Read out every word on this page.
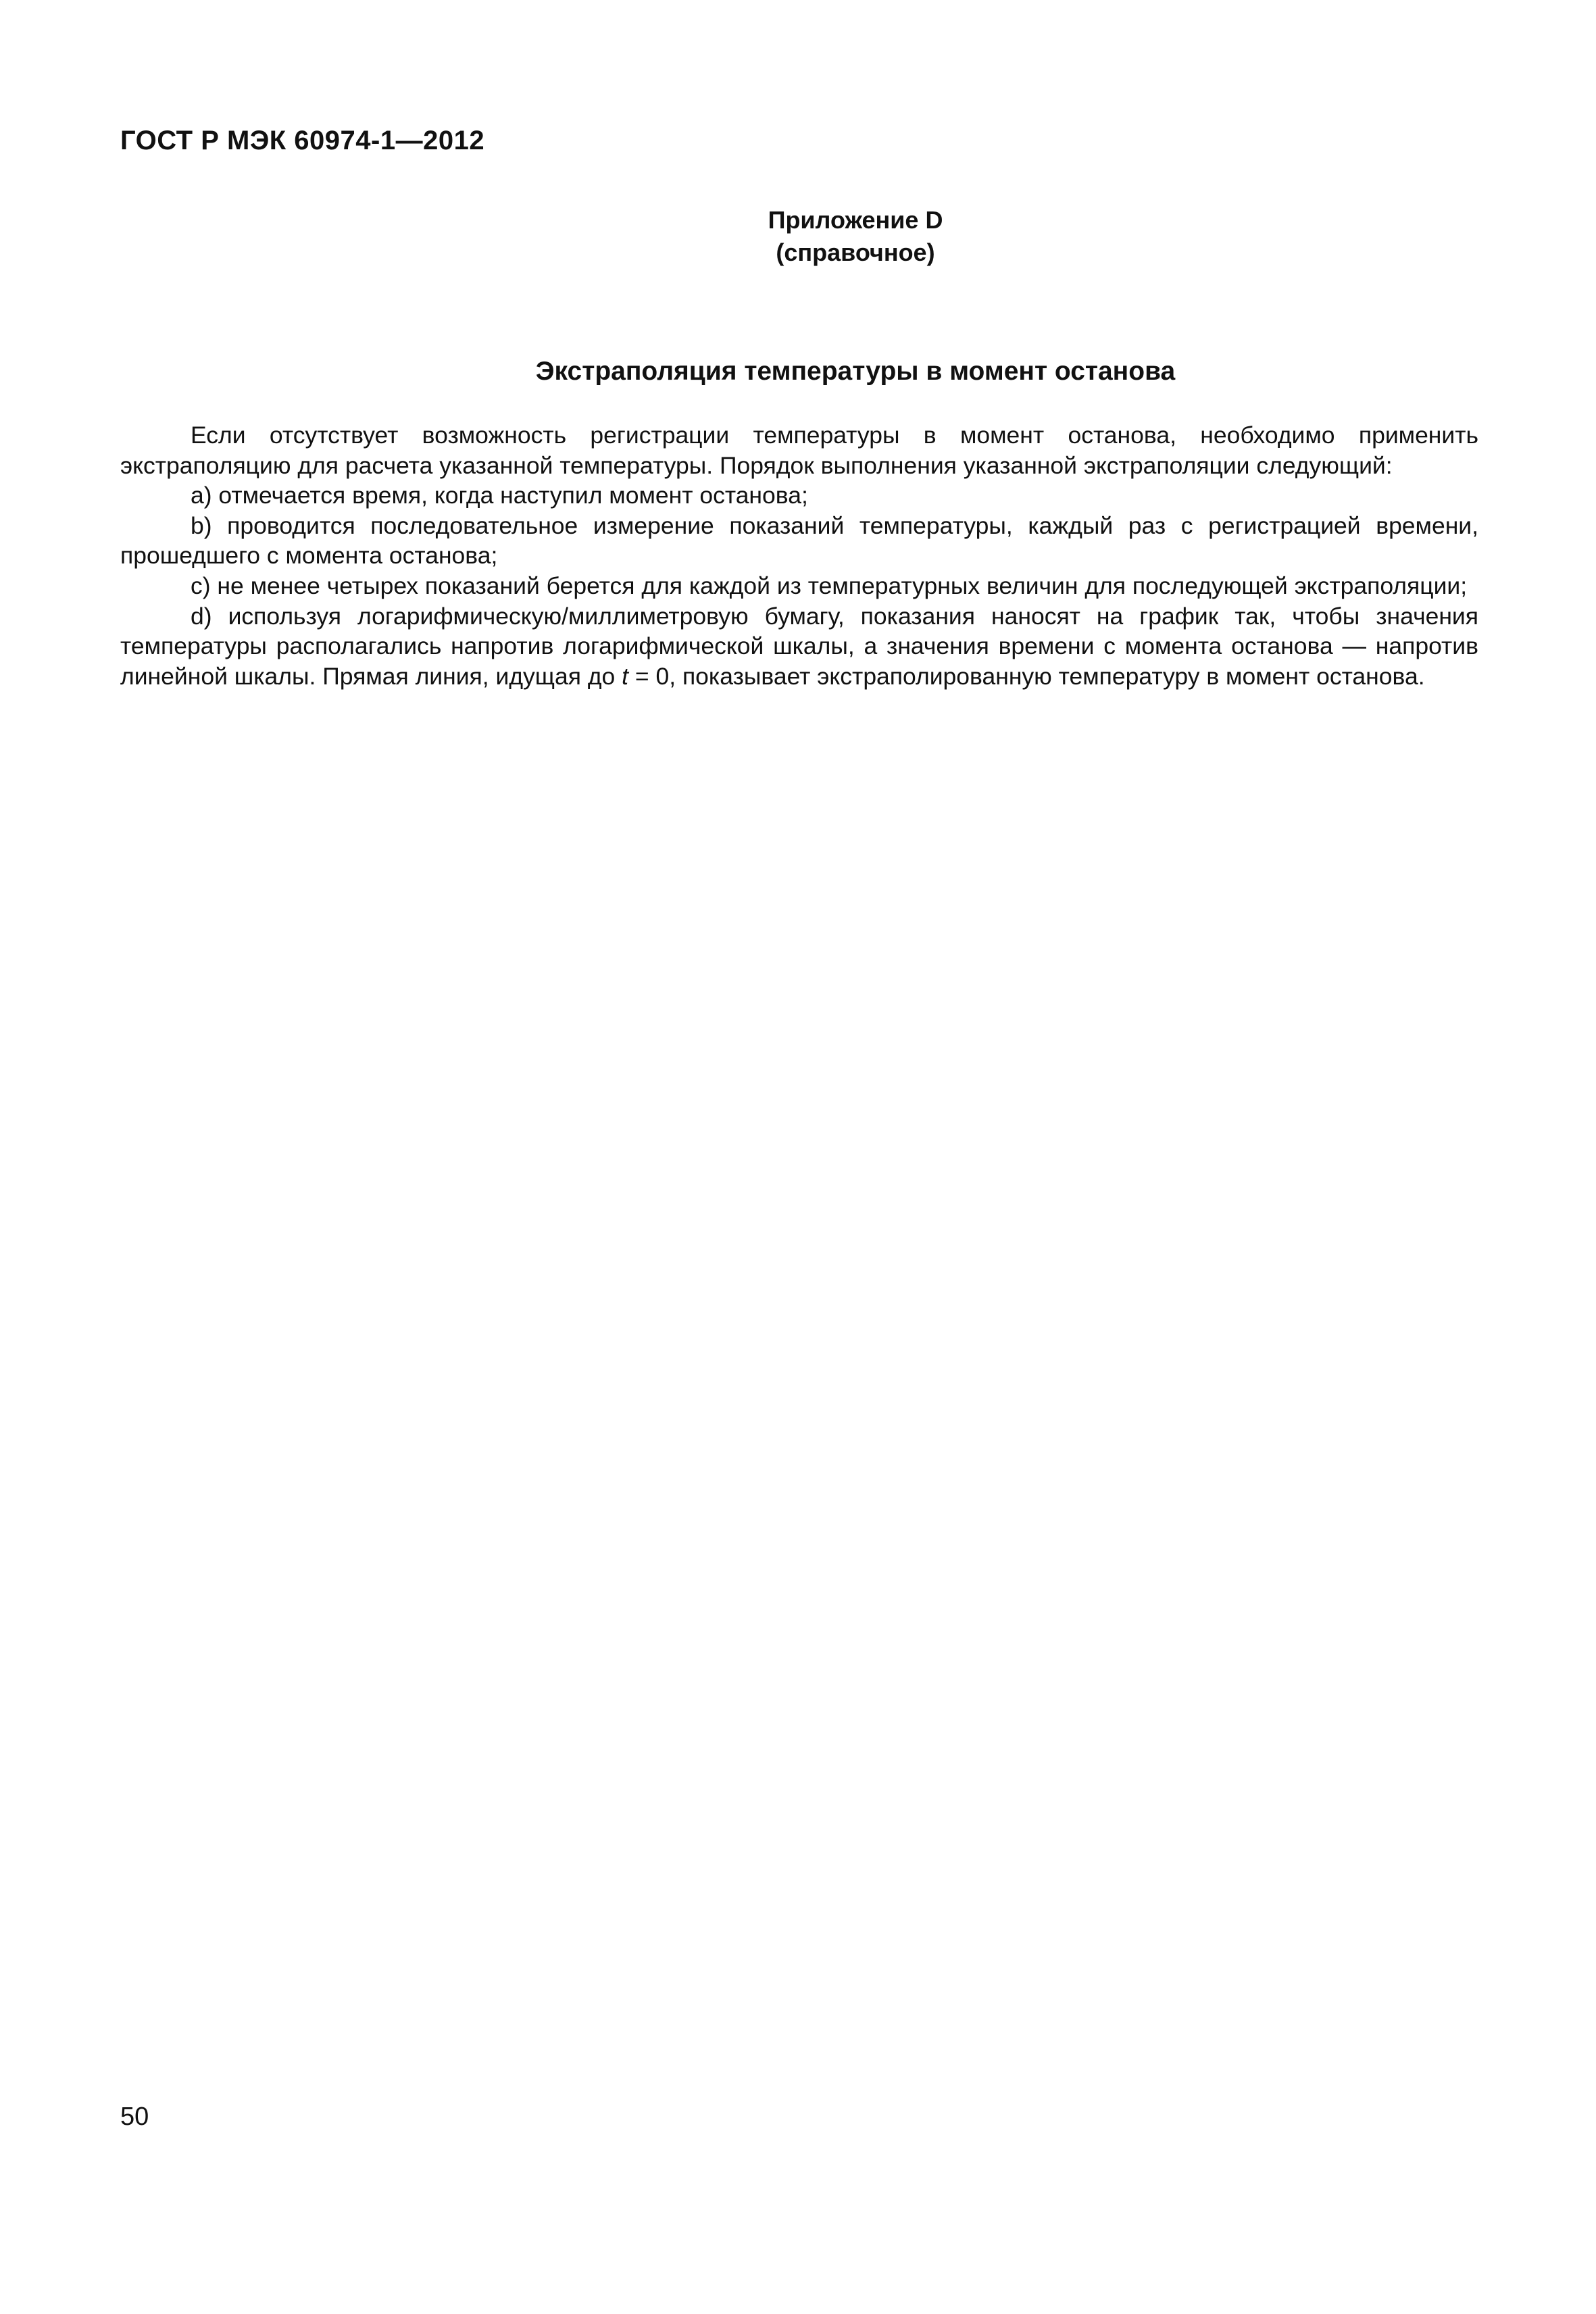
ГОСТ Р МЭК 60974-1—2012
Приложение D
(справочное)
Экстраполяция температуры в момент останова

Если отсутствует возможность регистрации температуры в момент останова, необходимо применить экстраполяцию для расчета указанной температуры. Порядок выполнения указанной экстраполяции следующий:

a) отмечается время, когда наступил момент останова;

b) проводится последовательное измерение показаний температуры, каждый раз с регистрацией времени, прошедшего с момента останова;

c) не менее четырех показаний берется для каждой из температурных величин для последующей экстраполяции;

d) используя логарифмическую/миллиметровую бумагу, показания наносят на график так, чтобы значения температуры располагались напротив логарифмической шкалы, а значения времени с момента останова — напротив линейной шкалы. Прямая линия, идущая до t = 0, показывает экстраполированную температуру в момент останова.

50
